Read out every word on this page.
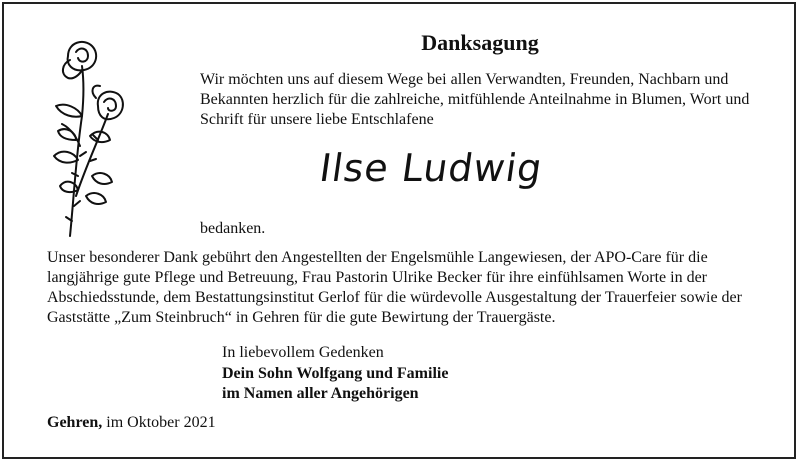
Danksagung
Wir möchten uns auf diesem Wege bei allen Verwandten, Freunden, Nachbarn und Bekannten herzlich für die zahlreiche, mitfühlende Anteilnahme in Blumen, Wort und Schrift für unsere liebe Entschlafene
Ilse Ludwig
bedanken.
Unser besonderer Dank gebührt den Angestellten der Engelsmühle Langewiesen, der APO-Care für die langjährige gute Pflege und Betreuung, Frau Pastorin Ulrike Becker für ihre einfühlsamen Worte in der Abschiedsstunde, dem Bestattungsinstitut Gerlof für die würdevolle Ausgestaltung der Trauerfeier sowie der Gaststätte „Zum Steinbruch“ in Gehren für die gute Bewirtung der Trauergäste.
In liebevollem Gedenken
Dein Sohn Wolfgang und Familie
im Namen aller Angehörigen
Gehren, im Oktober 2021
